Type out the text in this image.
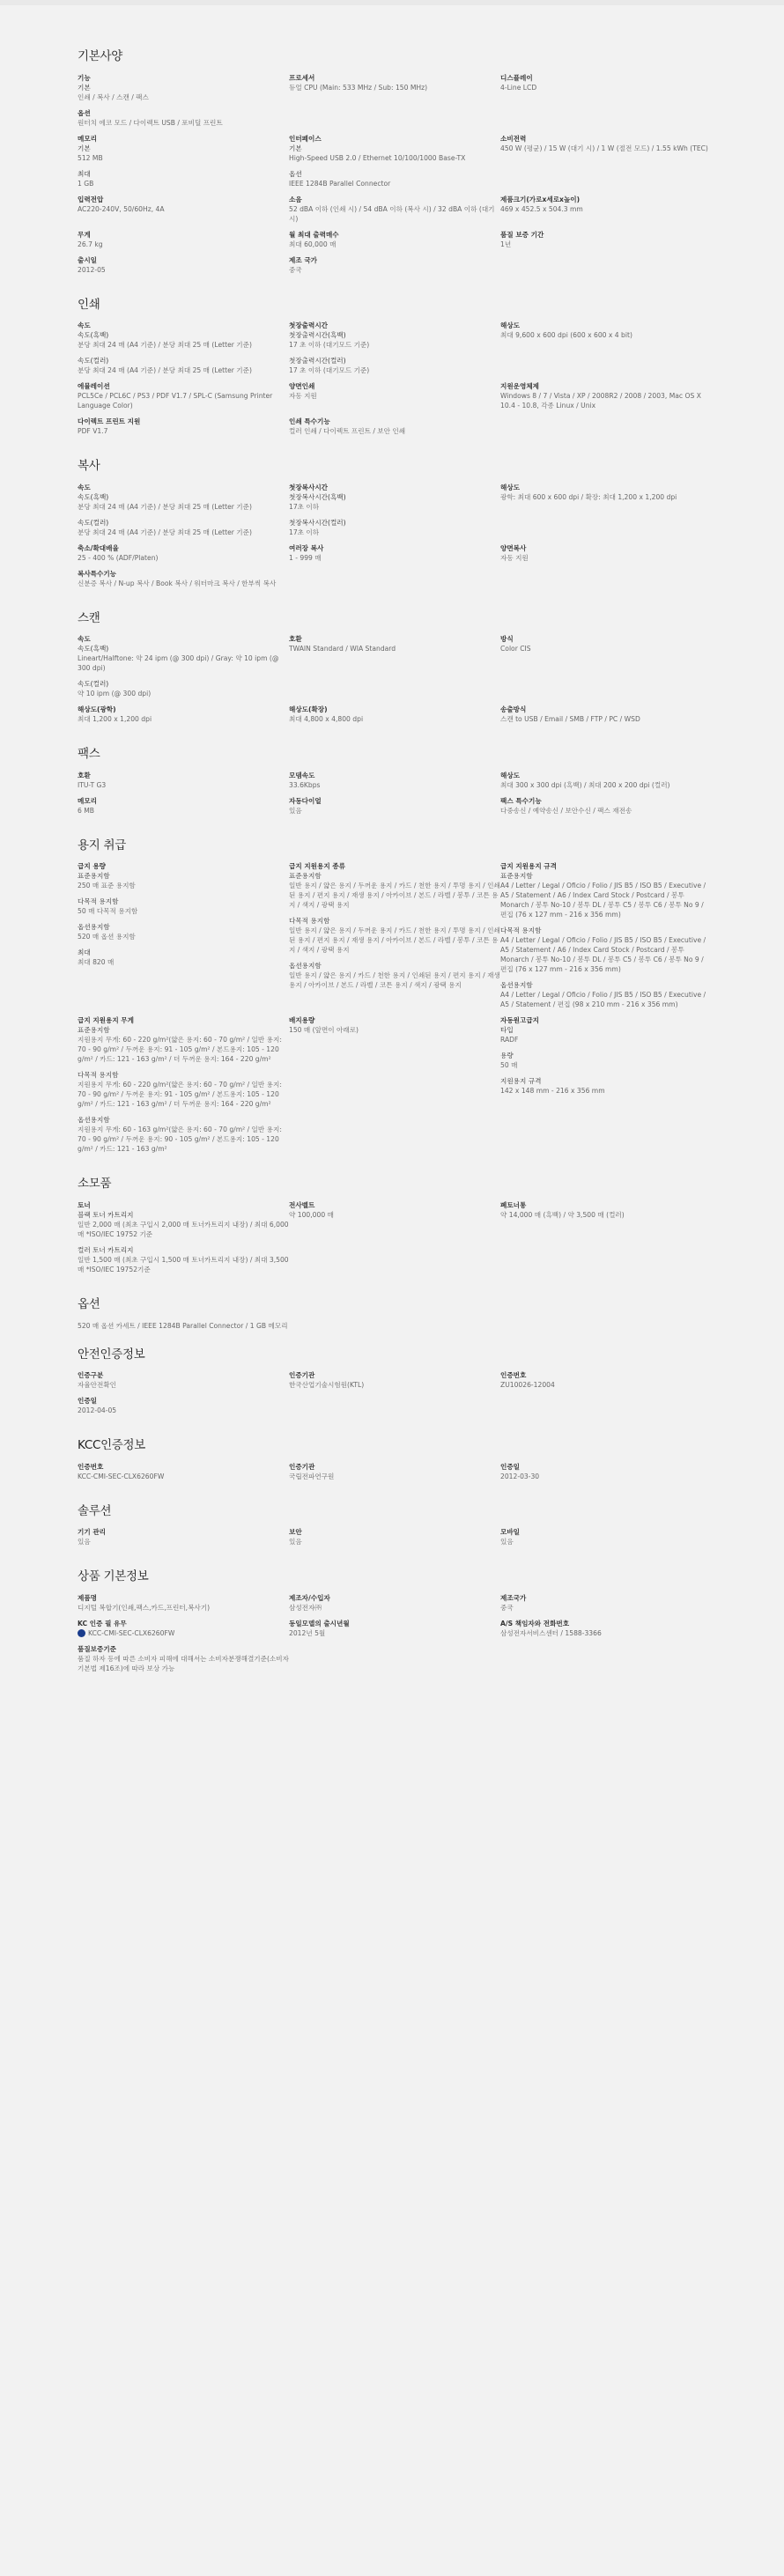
기본사양
기능
기본
인쇄 / 복사 / 스캔 / 팩스
옵션
원터치 에코 모드 / 다이렉트 USB / 포비딜 프린트
프로세서
듀얼 CPU (Main: 533 MHz / Sub: 150 MHz)
디스플레이
4-Line LCD
메모리
기본
512 MB
최대
1 GB
인터페이스
기본
High-Speed USB 2.0 / Ethernet 10/100/1000 Base-TX
옵션
IEEE 1284B Parallel Connector
소비전력
450 W (평균) / 15 W (대기 시) / 1 W (절전 모드) / 1.55 kWh (TEC)
입력전압
AC220-240V, 50/60Hz, 4A
소음
52 dBA 이하 (인쇄 시) / 54 dBA 이하 (복사 시) / 32 dBA 이하 (대기 시)
제품크기(가로x세로x높이)
469 x 452.5 x 504.3 mm
무게
26.7 kg
월 최대 출력매수
최대 60,000 매
품질 보증 기간
1년
출시일
2012-05
제조 국가
중국
인쇄
속도
속도(흑백)
분당 최대 24 매 (A4 기준) / 분당 최대 25 매 (Letter 기준)
속도(컬러)
분당 최대 24 매 (A4 기준) / 분당 최대 25 매 (Letter 기준)
첫장출력시간
첫장출력시간(흑백)
17 초 이하 (대기모드 기준)
첫장출력시간(컬러)
17 초 이하 (대기모드 기준)
해상도
최대 9,600 x 600 dpi (600 x 600 x 4 bit)
에뮬레이션
PCL5Ce / PCL6C / PS3 / PDF V1.7 / SPL-C (Samsung Printer Language Color)
양면인쇄
자동 지원
지원운영체제
Windows 8 / 7 / Vista / XP / 2008R2 / 2008 / 2003, Mac OS X 10.4 - 10.8, 각종 Linux / Unix
다이렉트 프린트 지원
PDF V1.7
인쇄 특수기능
컬러 인쇄 / 다이렉트 프린트 / 보안 인쇄
복사
속도
속도(흑백)
분당 최대 24 매 (A4 기준) / 분당 최대 25 매 (Letter 기준)
속도(컬러)
분당 최대 24 매 (A4 기준) / 분당 최대 25 매 (Letter 기준)
첫장복사시간
첫장복사시간(흑백)
17초 이하
첫장복사시간(컬러)
17초 이하
해상도
광학: 최대 600 x 600 dpi / 확장: 최대 1,200 x 1,200 dpi
축소/확대배율
25 - 400 % (ADF/Platen)
여러장 복사
1 - 999 매
양면복사
자동 지원
복사특수기능
신분증 복사 / N-up 복사 / Book 복사 / 워터마크 복사 / 한부씩 복사
스캔
속도
속도(흑백)
Lineart/Halftone: 약 24 ipm (@ 300 dpi) / Gray: 약 10 ipm (@ 300 dpi)
속도(컬러)
약 10 ipm (@ 300 dpi)
호환
TWAIN Standard / WIA Standard
방식
Color CIS
해상도(광학)
최대 1,200 x 1,200 dpi
해상도(확장)
최대 4,800 x 4,800 dpi
송출방식
스캔 to USB / Email / SMB / FTP / PC / WSD
팩스
호환
ITU-T G3
모뎀속도
33.6Kbps
해상도
최대 300 x 300 dpi (흑백) / 최대 200 x 200 dpi (컬러)
메모리
6 MB
자동다이얼
있음
팩스 특수기능
다중송신 / 예약송신 / 보안수신 / 팩스 재전송
용지 취급
급지 용량
표준용지함
250 매 표준 용지함
다목적 용지함
50 매 다목적 용지함
옵션용지함
520 매 옵션 용지함
최대
최대 820 매
급지 지원용지 종류
표준용지함
일반 용지 / 얇은 용지 / 두꺼운 용지 / 카드 / 천한 용지 / 투명 용지 / 인쇄된 용지 / 편지 용지 / 재생 용지 / 아카이브 / 본드 / 라벨 / 봉투 / 코튼 용지 / 색지 / 광택 용지
다목적 용지함
일반 용지 / 얇은 용지 / 두꺼운 용지 / 카드 / 천한 용지 / 투명 용지 / 인쇄된 용지 / 편지 용지 / 재생 용지 / 아카이브 / 본드 / 라벨 / 봉투 / 코튼 용지 / 색지 / 광택 용지
옵션용지함
일반 용지 / 얇은 용지 / 카드 / 천한 용지 / 인쇄된 용지 / 편지 용지 / 재생 용지 / 아카이브 / 본드 / 라벨 / 코튼 용지 / 색지 / 광택 용지
급지 지원용지 규격
표준용지함
A4 / Letter / Legal / Oficio / Folio / JIS B5 / ISO B5 / Executive / A5 / Statement / A6 / Index Card Stock / Postcard / 봉투 Monarch / 봉투 No-10 / 봉투 DL / 봉투 C5 / 봉투 C6 / 봉투 No 9 / 편집 (76 x 127 mm - 216 x 356 mm)
다목적 용지함
A4 / Letter / Legal / Oficio / Folio / JIS B5 / ISO B5 / Executive / A5 / Statement / A6 / Index Card Stock / Postcard / 봉투 Monarch / 봉투 No-10 / 봉투 DL / 봉투 C5 / 봉투 C6 / 봉투 No 9 / 편집 (76 x 127 mm - 216 x 356 mm)
옵션용지함
A4 / Letter / Legal / Oficio / Folio / JIS B5 / ISO B5 / Executive / A5 / Statement / 편집 (98 x 210 mm - 216 x 356 mm)
급지 지원용지 무게
표준용지함
지원용지 무게: 60 - 220 g/m²(얇은 용지: 60 - 70 g/m² / 일반 용지: 70 - 90 g/m² / 두꺼운 용지: 91 - 105 g/m² / 본드용지: 105 - 120 g/m² / 카드: 121 - 163 g/m² / 더 두꺼운 용지: 164 - 220 g/m²
다목적 용지함
지원용지 무게: 60 - 220 g/m²(얇은 용지: 60 - 70 g/m² / 일반 용지: 70 - 90 g/m² / 두꺼운 용지: 91 - 105 g/m² / 본드용지: 105 - 120 g/m² / 카드: 121 - 163 g/m² / 더 두꺼운 용지: 164 - 220 g/m²
옵션용지함
지원용지 무게: 60 - 163 g/m²(얇은 용지: 60 - 70 g/m² / 일반 용지: 70 - 90 g/m² / 두꺼운 용지: 90 - 105 g/m² / 본드용지: 105 - 120 g/m² / 카드: 121 - 163 g/m²
배지용량
150 매 (앞면이 아래로)
자동원고급지
타입
RADF
용량
50 매
지원용지 규격
142 x 148 mm - 216 x 356 mm
소모품
토너
블랙 토너 카트리지
일반 2,000 매 (최초 구입시 2,000 매 토너카트리지 내장) / 최대 6,000 매 *ISO/IEC 19752 기준
컬러 토너 카트리지
일반 1,500 매 (최초 구입시 1,500 매 토너카트리지 내장) / 최대 3,500 매 *ISO/IEC 19752기준
전사벨트
약 100,000 매
폐토너통
약 14,000 매 (흑백) / 약 3,500 매 (컬러)
옵션
520 매 옵션 카세트 / IEEE 1284B Parallel Connector / 1 GB 메모리
안전인증정보
인증구분
자율안전확인
인증기관
한국산업기술시험원(KTL)
인증번호
ZU10026-12004
인증일
2012-04-05
KCC인증정보
인증번호
KCC-CMI-SEC-CLX6260FW
인증기관
국립전파연구원
인증일
2012-03-30
솔루션
기기 관리
있음
보안
있음
모바일
있음
상품 기본정보
제품명
디지털 복합기(인쇄,팩스,카드,프린터,복사기)
제조자/수입자
삼성전자㈜
제조국가
중국
KC 인증 필 유무
KCC-CMI-SEC-CLX6260FW
동일모델의 출시년월
2012년 5월
A/S 책임자와 전화번호
삼성전자서비스센터 / 1588-3366
품질보증기준
품질 하자 등에 따른 소비자 피해에 대해서는 소비자분쟁해결기준(소비자기본법 제16조)에 따라 보상 가능
